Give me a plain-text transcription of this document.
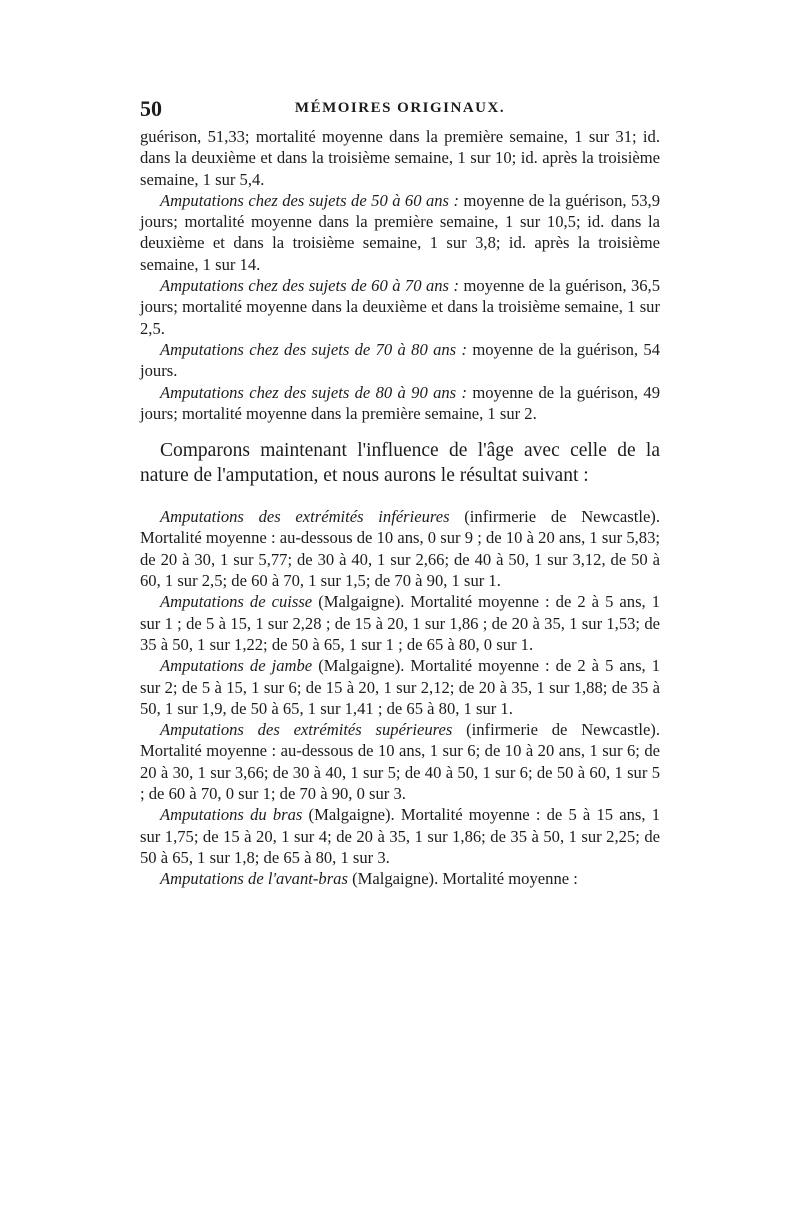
50	MÉMOIRES ORIGINAUX.

guérison, 51,33; mortalité moyenne dans la première semaine, 1 sur 31; id. dans la deuxième et dans la troisième semaine, 1 sur 10; id. après la troisième semaine, 1 sur 5,4.

Amputations chez des sujets de 50 à 60 ans : moyenne de la guérison, 53,9 jours; mortalité moyenne dans la première semaine, 1 sur 10,5; id. dans la deuxième et dans la troisième semaine, 1 sur 3,8; id. après la troisième semaine, 1 sur 14.

Amputations chez des sujets de 60 à 70 ans : moyenne de la guérison, 36,5 jours; mortalité moyenne dans la deuxième et dans la troisième semaine, 1 sur 2,5.

Amputations chez des sujets de 70 à 80 ans : moyenne de la guérison, 54 jours.

Amputations chez des sujets de 80 à 90 ans : moyenne de la guérison, 49 jours; mortalité moyenne dans la première semaine, 1 sur 2.

Comparons maintenant l'influence de l'âge avec celle de la nature de l'amputation, et nous aurons le résultat suivant :

Amputations des extrémités inférieures (infirmerie de Newcastle). Mortalité moyenne : au-dessous de 10 ans, 0 sur 9 ; de 10 à 20 ans, 1 sur 5,83; de 20 à 30, 1 sur 5,77; de 30 à 40, 1 sur 2,66; de 40 à 50, 1 sur 3,12, de 50 à 60, 1 sur 2,5; de 60 à 70, 1 sur 1,5; de 70 à 90, 1 sur 1.

Amputations de cuisse (Malgaigne). Mortalité moyenne : de 2 à 5 ans, 1 sur 1 ; de 5 à 15, 1 sur 2,28 ; de 15 à 20, 1 sur 1,86 ; de 20 à 35, 1 sur 1,53; de 35 à 50, 1 sur 1,22; de 50 à 65, 1 sur 1 ; de 65 à 80, 0 sur 1.

Amputations de jambe (Malgaigne). Mortalité moyenne : de 2 à 5 ans, 1 sur 2; de 5 à 15, 1 sur 6; de 15 à 20, 1 sur 2,12; de 20 à 35, 1 sur 1,88; de 35 à 50, 1 sur 1,9, de 50 à 65, 1 sur 1,41 ; de 65 à 80, 1 sur 1.

Amputations des extrémités supérieures (infirmerie de Newcastle). Mortalité moyenne : au-dessous de 10 ans, 1 sur 6; de 10 à 20 ans, 1 sur 6; de 20 à 30, 1 sur 3,66; de 30 à 40, 1 sur 5; de 40 à 50, 1 sur 6; de 50 à 60, 1 sur 5 ; de 60 à 70, 0 sur 1; de 70 à 90, 0 sur 3.

Amputations du bras (Malgaigne). Mortalité moyenne : de 5 à 15 ans, 1 sur 1,75; de 15 à 20, 1 sur 4; de 20 à 35, 1 sur 1,86; de 35 à 50, 1 sur 2,25; de 50 à 65, 1 sur 1,8; de 65 à 80, 1 sur 3.

Amputations de l'avant-bras (Malgaigne). Mortalité moyenne :
